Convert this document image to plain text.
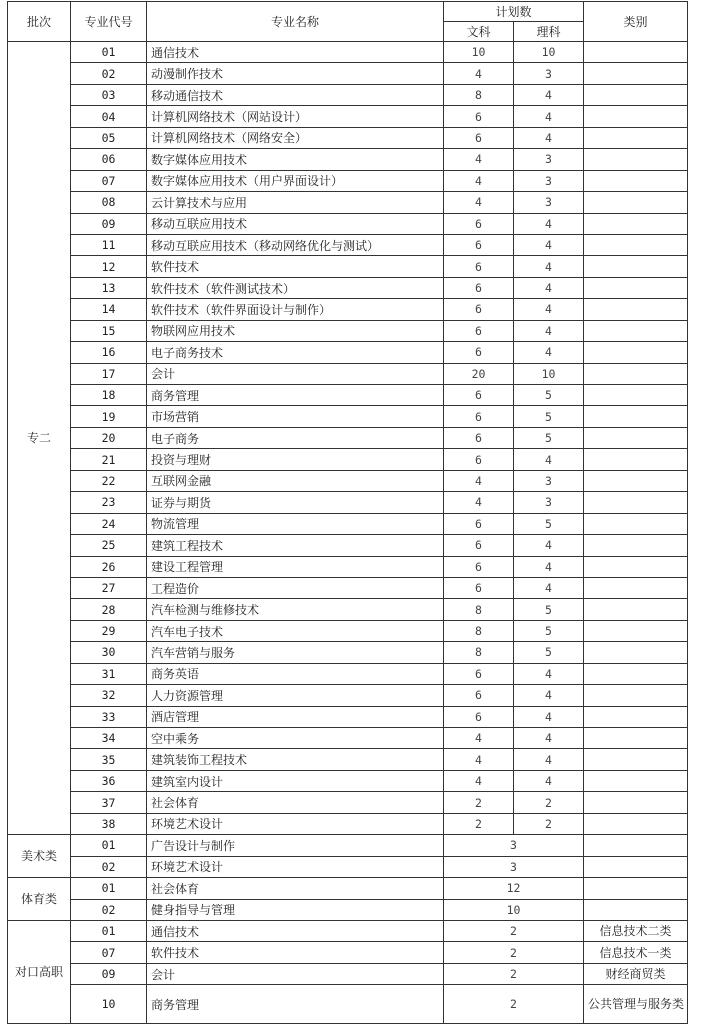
批次	专业代号	专业名称	计划数		类别
			文科	理科	
专二	01	通信技术	10	10	
	02	动漫制作技术	4	3	
	03	移动通信技术	8	4	
	04	计算机网络技术（网站设计）	6	4	
	05	计算机网络技术（网络安全）	6	4	
	06	数字媒体应用技术	4	3	
	07	数字媒体应用技术（用户界面设计）	4	3	
	08	云计算技术与应用	4	3	
	09	移动互联应用技术	6	4	
	11	移动互联应用技术（移动网络优化与测试）	6	4	
	12	软件技术	6	4	
	13	软件技术（软件测试技术）	6	4	
	14	软件技术（软件界面设计与制作）	6	4	
	15	物联网应用技术	6	4	
	16	电子商务技术	6	4	
	17	会计	20	10	
	18	商务管理	6	5	
	19	市场营销	6	5	
	20	电子商务	6	5	
	21	投资与理财	6	4	
	22	互联网金融	4	3	
	23	证券与期货	4	3	
	24	物流管理	6	5	
	25	建筑工程技术	6	4	
	26	建设工程管理	6	4	
	27	工程造价	6	4	
	28	汽车检测与维修技术	8	5	
	29	汽车电子技术	8	5	
	30	汽车营销与服务	8	5	
	31	商务英语	6	4	
	32	人力资源管理	6	4	
	33	酒店管理	6	4	
	34	空中乘务	4	4	
	35	建筑装饰工程技术	4	4	
	36	建筑室内设计	4	4	
	37	社会体育	2	2	
	38	环境艺术设计	2	2	
美术类	01	广告设计与制作	3		
	02	环境艺术设计	3		
体育类	01	社会体育	12		
	02	健身指导与管理	10		
对口高职	01	通信技术	2		信息技术二类
	07	软件技术	2		信息技术一类
	09	会计	2		财经商贸类
	10	商务管理	2		公共管理与服务类
